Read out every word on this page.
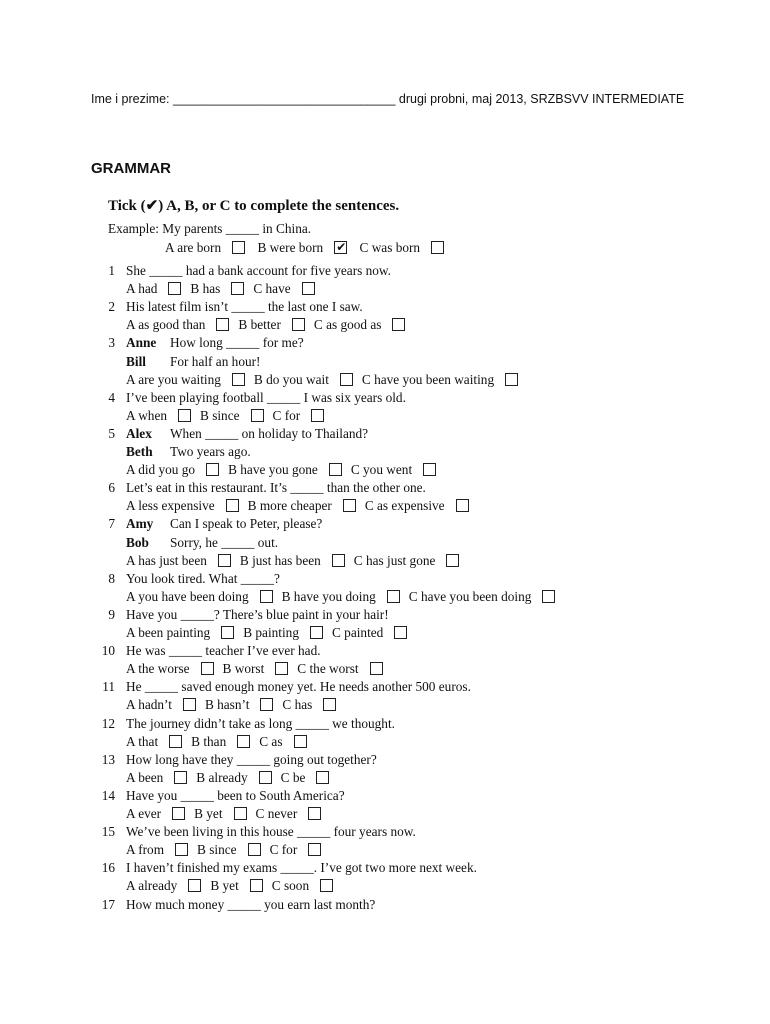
Ime i prezime: ________________________________ drugi probni, maj 2013, SRZBSVV INTERMEDIATE
GRAMMAR
Tick (✔) A, B, or C to complete the sentences.
Example: My parents _____ in China.
A are born	B were born✔	C was born
1 She _____ had a bank account for five years now.
A had B has C have
2 His latest film isn’t _____ the last one I saw.
A as good than B better C as good as
3 Anne How long _____ for me?
Bill For half an hour!
A are you waiting B do you wait C have you been waiting
4 I’ve been playing football _____ I was six years old.
A when B since C for
5 Alex When _____ on holiday to Thailand?
Beth Two years ago.
A did you go B have you gone C you went
6 Let’s eat in this restaurant. It’s _____ than the other one.
A less expensive B more cheaper C as expensive
7 Amy Can I speak to Peter, please?
Bob Sorry, he _____ out.
A has just been B just has been C has just gone
8 You look tired. What _____?
A you have been doing B have you doing C have you been doing
9 Have you _____? There’s blue paint in your hair!
A been painting B painting C painted
10 He was _____ teacher I’ve ever had.
A the worse B worst C the worst
11 He _____ saved enough money yet. He needs another 500 euros.
A hadn’t B hasn’t C has
12 The journey didn’t take as long _____ we thought.
A that B than C as
13 How long have they _____ going out together?
A been B already C be
14 Have you _____ been to South America?
A ever B yet C never
15 We’ve been living in this house _____ four years now.
A from B since C for
16 I haven’t finished my exams _____. I’ve got two more next week.
A already B yet C soon
17 How much money _____ you earn last month?
